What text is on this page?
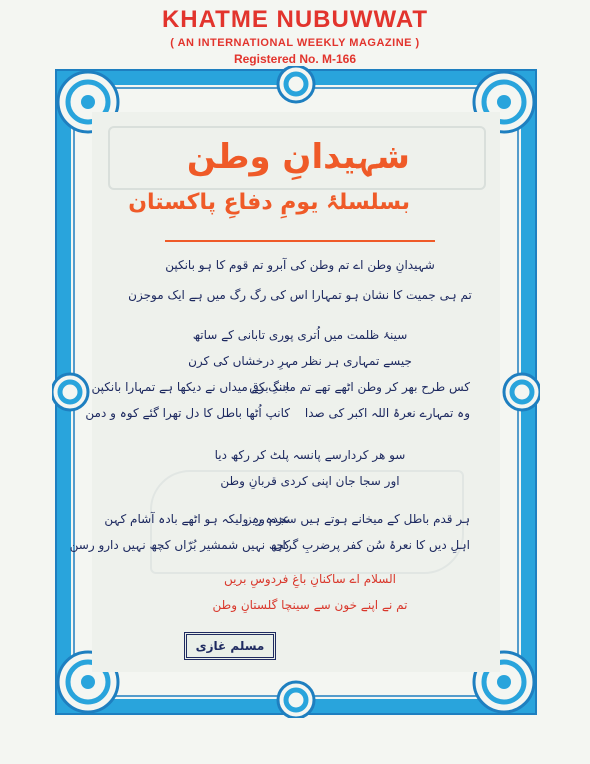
KHATME NUBUWWAT
( AN INTERNATIONAL WEEKLY MAGAZINE )
Registered No. M-166
شہیدانِ وطن
بسلسلۂ یومِ دفاعِ پاکستان
شہیدانِ وطن اے تم وطن کی آبرو تم قوم کا ہو بانکپن
تم ہی جمیت کا نشان ہو تمہارا اس کی رگ رگ میں ہے ایک موجزن
سینۂ ظلمت میں اُتری پوری تابانی کے ساتھ
جیسے تمہاری ہر نظر مہرِ درخشاں کی کرن
کس طرح بھر کر وطن اٹھے تھے تم مانندِ برق
جنگ کے میداں نے دیکھا ہے تمہارا بانکپن
وہ تمہارے نعرۂ اللہ اکبر کی صدا
کانپ اُٹھا باطل کا دل تھرا گئے کوہ و دمن
سو ھر کردارسے پانسہ پلٹ کر رکھ دیا
اور سجا جان اپنی کردی قربانِ وطن
ہر قدم باطل کے میخانے ہوتے ہیں سجدہ ریز
عزم وہ ولیکہ ہو اٹھے بادہ آشام کہن
اہلِ دیں کا نعرۂ سُن کفر پرضربِ گراں
کچھ نہیں شمشیر بُرّاں کچھ نہیں دارو رسن
السلام اے ساکنانِ باغِ فردوسِ بریں
تم نے اپنے خون سے سینچا گلستانِ وطن
مسلم غازی
